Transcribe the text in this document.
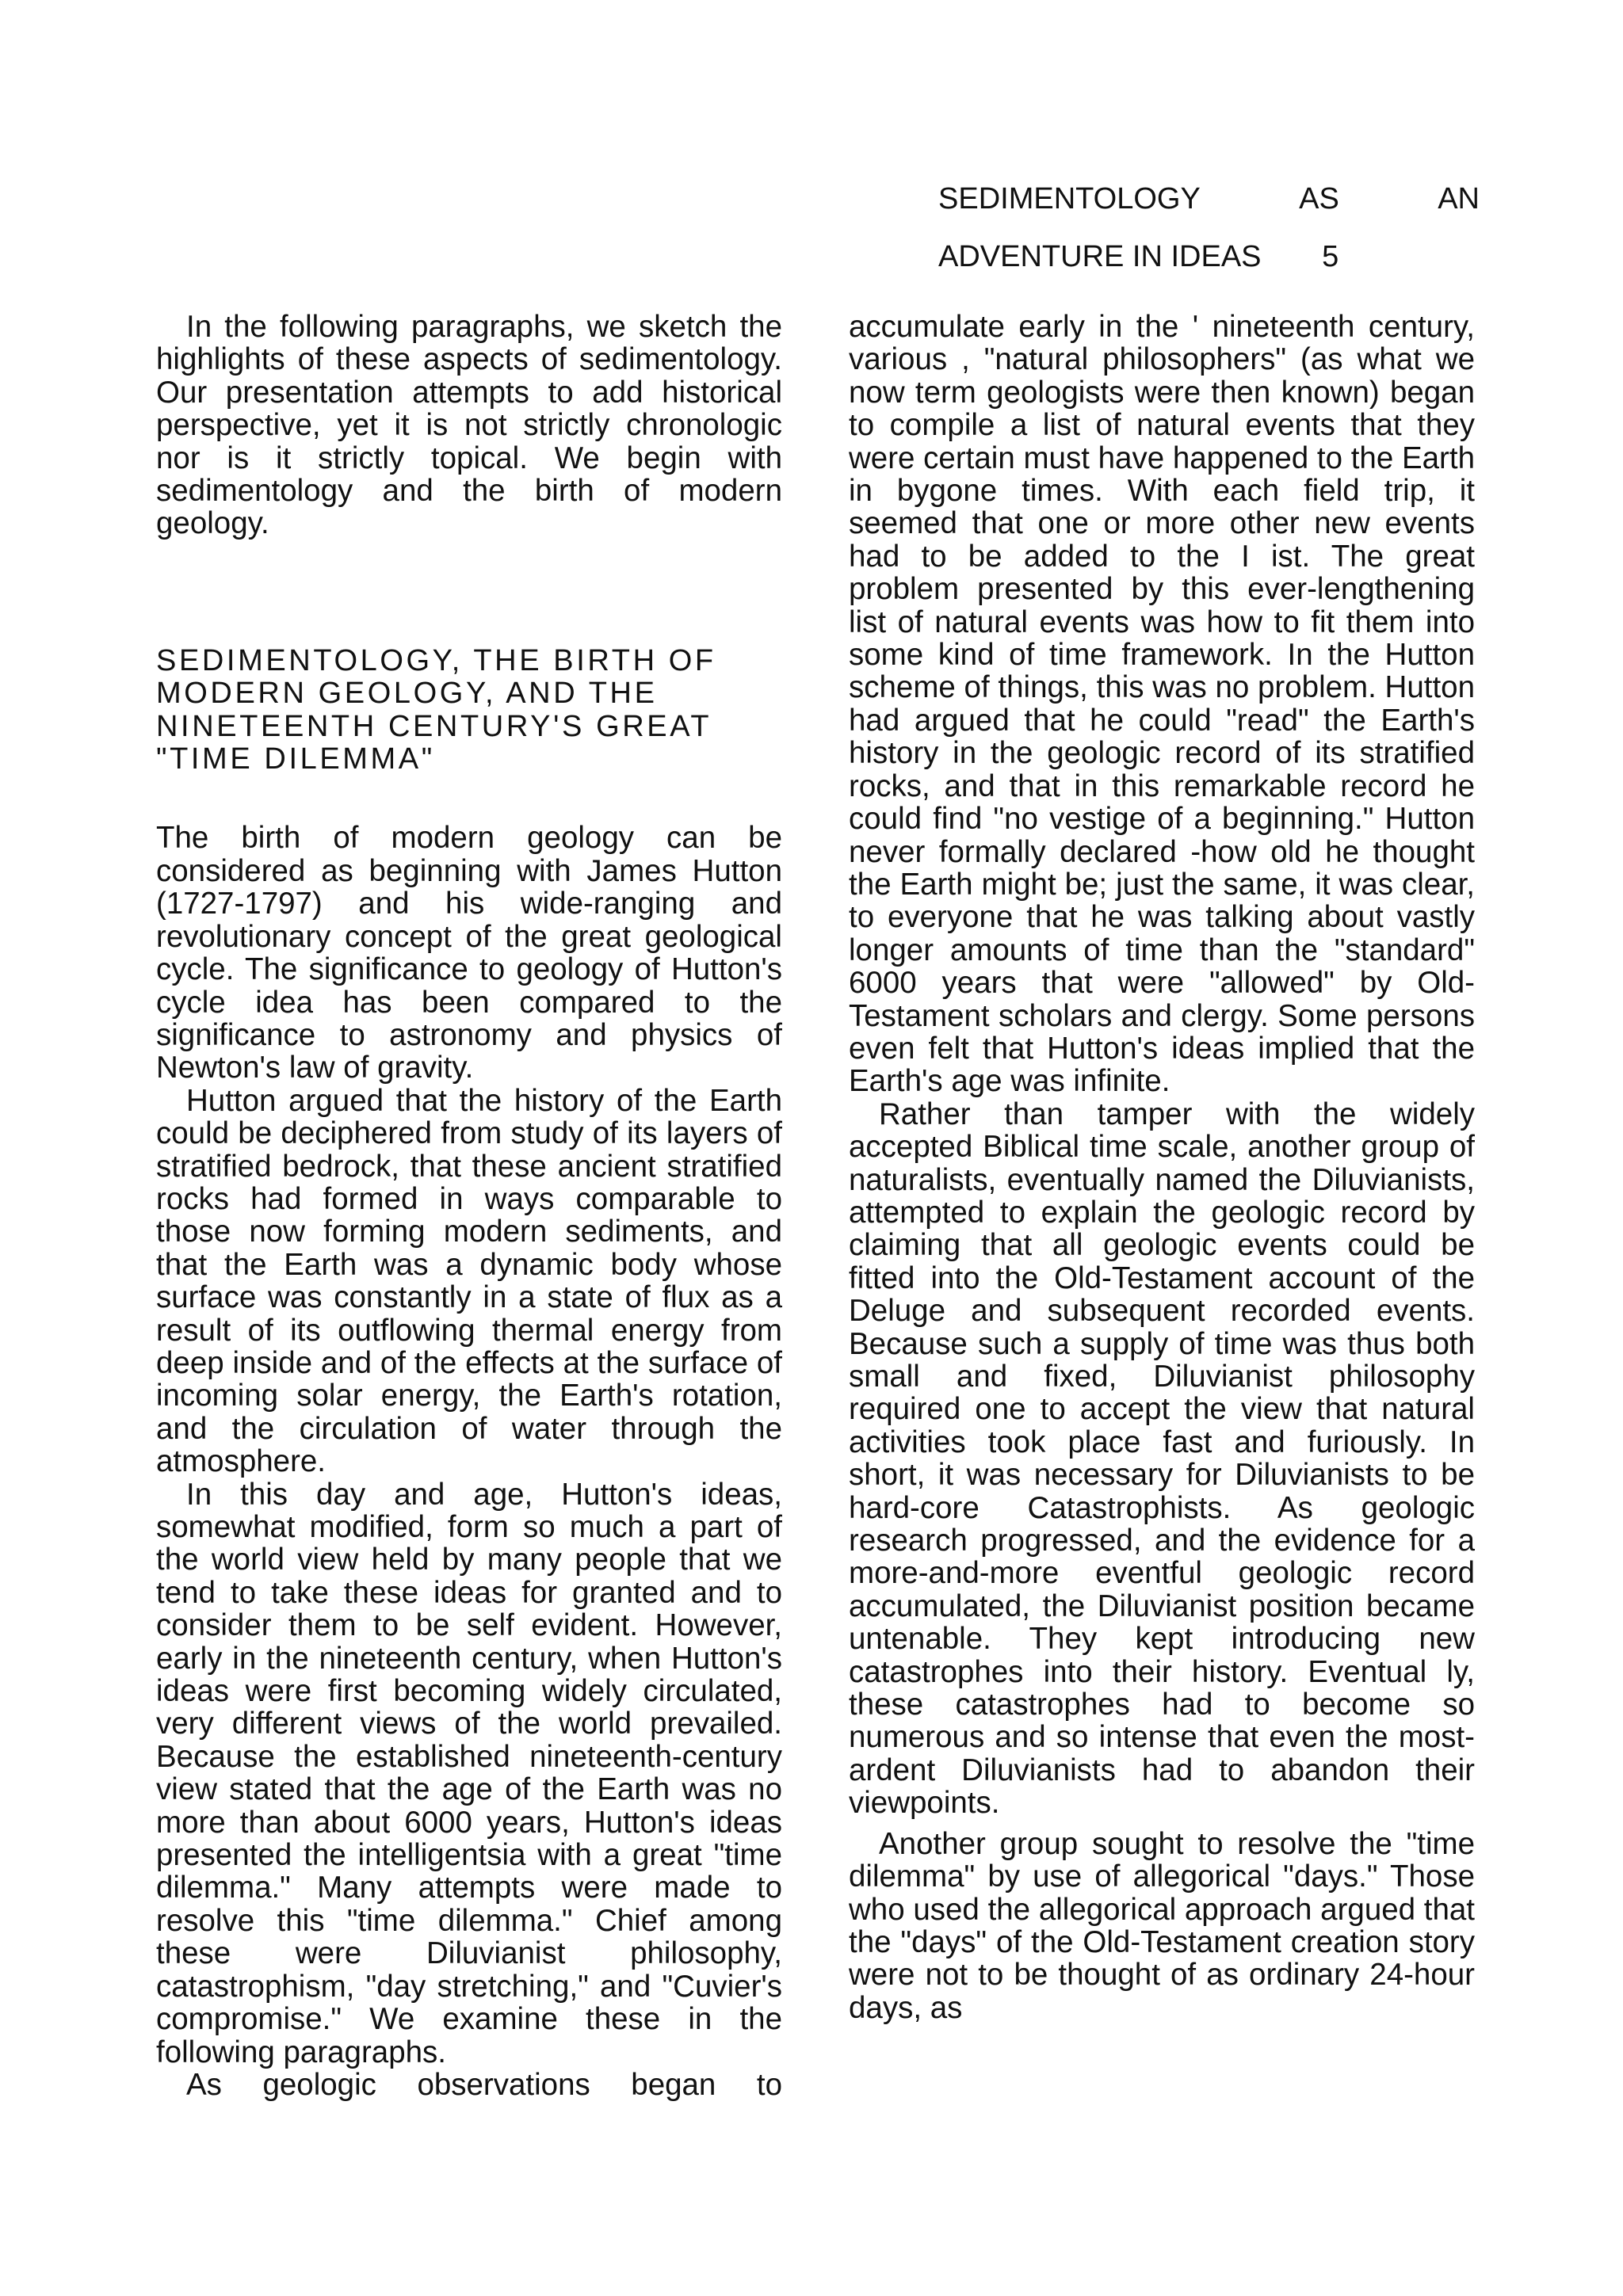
SEDIMENTOLOGY	AS	AN
ADVENTURE IN IDEAS 5

In the following paragraphs, we sketch the highlights of these aspects of sedimentology. Our presentation attempts to add historical perspective, yet it is not strictly chronologic nor is it strictly topical. We begin with sedimentology and the birth of modern geology.

SEDIMENTOLOGY, THE BIRTH OF
MODERN GEOLOGY, AND THE
NINETEENTH CENTURY'S GREAT
"TIME DILEMMA"

The birth of modern geology can be considered as beginning with James Hutton (1727-1797) and his wide-ranging and revolutionary concept of the great geological cycle. The significance to geology of Hutton's cycle idea has been compared to the significance to astronomy and physics of Newton's law of gravity.

Hutton argued that the history of the Earth could be deciphered from study of its layers of stratified bedrock, that these ancient stratified rocks had formed in ways comparable to those now forming modern sediments, and that the Earth was a dynamic body whose surface was constantly in a state of flux as a result of its outflowing thermal energy from deep inside and of the effects at the surface of incoming solar energy, the Earth's rotation, and the circulation of water through the atmosphere.

In this day and age, Hutton's ideas, somewhat modified, form so much a part of the world view held by many people that we tend to take these ideas for granted and to consider them to be self evident. However, early in the nineteenth century, when Hutton's ideas were first becoming widely circulated, very different views of the world prevailed. Because the established nineteenth-century view stated that the age of the Earth was no more than about 6000 years, Hutton's ideas presented the intelligentsia with a great "time dilemma." Many attempts were made to resolve this "time dilemma." Chief among these were Diluvianist philosophy, catastrophism, "day stretching," and "Cuvier's compromise." We examine these in the following paragraphs.

As geologic observations began to

accumulate early in the ' nineteenth century, various , "natural philosophers" (as what we now term geologists were then known) began to compile a list of natural events that they were certain must have happened to the Earth in bygone times. With each field trip, it seemed that one or more other new events had to be added to the I ist. The great problem presented by this ever-lengthening list of natural events was how to fit them into some kind of time framework. In the Hutton scheme of things, this was no problem. Hutton had argued that he could "read" the Earth's history in the geologic record of its stratified rocks, and that in this remarkable record he could find "no vestige of a beginning." Hutton never formally declared -how old he thought the Earth might be; just the same, it was clear, to everyone that he was talking about vastly longer amounts of time than the "standard" 6000 years that were "allowed" by Old-Testament scholars and clergy. Some persons even felt that Hutton's ideas implied that the Earth's age was infinite.

Rather than tamper with the widely accepted Biblical time scale, another group of naturalists, eventually named the Diluvianists, attempted to explain the geologic record by claiming that all geologic events could be fitted into the Old-Testament account of the Deluge and subsequent recorded events. Because such a supply of time was thus both small and fixed, Diluvianist philosophy required one to accept the view that natural activities took place fast and furiously. In short, it was necessary for Diluvianists to be hard-core Catastrophists. As geologic research progressed, and the evidence for a more-and-more eventful geologic record accumulated, the Diluvianist position became untenable. They kept introducing new catastrophes into their history. Eventual ly, these catastrophes had to become so numerous and so intense that even the most-ardent Diluvianists had to abandon their viewpoints.

Another group sought to resolve the "time dilemma" by use of allegorical "days." Those who used the allegorical approach argued that the "days" of the Old-Testament creation story were not to be thought of as ordinary 24-hour days, as
